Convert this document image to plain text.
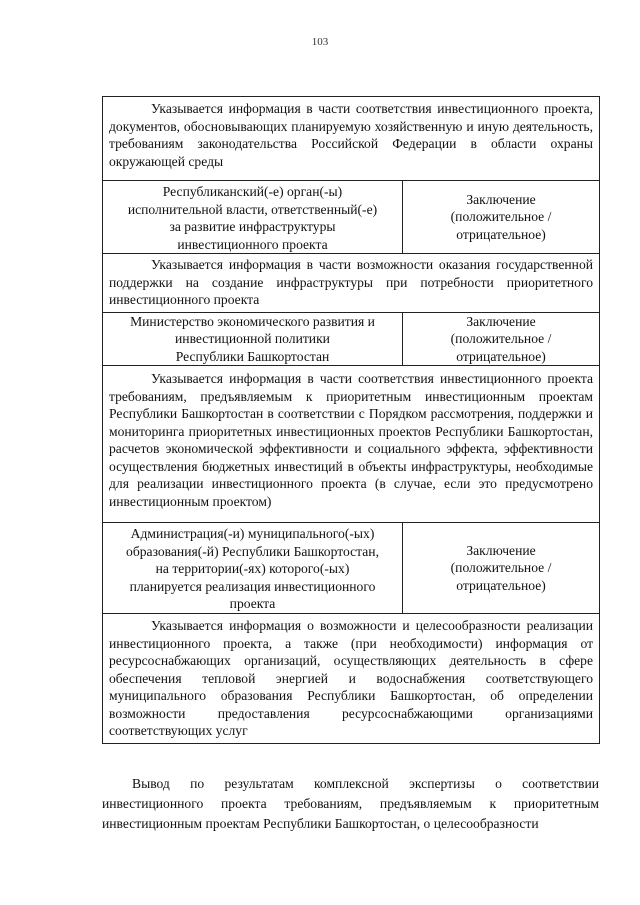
103
Указывается информация в части соответствия инвестиционного проекта, документов, обосновывающих планируемую хозяйственную и иную деятельность, требованиям законодательства Российской Федерации в области охраны окружающей среды	

Республиканский(-е) орган(-ы)
исполнительной власти, ответственный(-е)
за развитие инфраструктуры
инвестиционного проекта	Заключение
(положительное /
отрицательное)

Указывается информация в части возможности оказания государственной поддержки на создание инфраструктуры при потребности приоритетного инвестиционного проекта	

Министерство экономического развития и
инвестиционной политики
Республики Башкортостан	Заключение
(положительное /
отрицательное)

Указывается информация в части соответствия инвестиционного проекта требованиям, предъявляемым к приоритетным инвестиционным проектам Республики Башкортостан в соответствии с Порядком рассмотрения, поддержки и мониторинга приоритетных инвестиционных проектов Республики Башкортостан, расчетов экономической эффективности и социального эффекта, эффективности осуществления бюджетных инвестиций в объекты инфраструктуры, необходимые для реализации инвестиционного проекта (в случае, если это предусмотрено инвестиционным проектом)	

Администрация(-и) муниципального(-ых)
образования(-й) Республики Башкортостан,
на территории(-ях) которого(-ых)
планируется реализация инвестиционного
проекта	Заключение
(положительное /
отрицательное)

Указывается информация о возможности и целесообразности реализации инвестиционного проекта, а также (при необходимости) информация от ресурсоснабжающих организаций, осуществляющих деятельность в сфере обеспечения тепловой энергией и водоснабжения соответствующего муниципального образования Республики Башкортостан, об определении возможности предоставления ресурсоснабжающими организациями соответствующих услуг	

Вывод по результатам комплексной экспертизы о соответствии инвестиционного проекта требованиям, предъявляемым к приоритетным инвестиционным проектам Республики Башкортостан, о целесообразности
